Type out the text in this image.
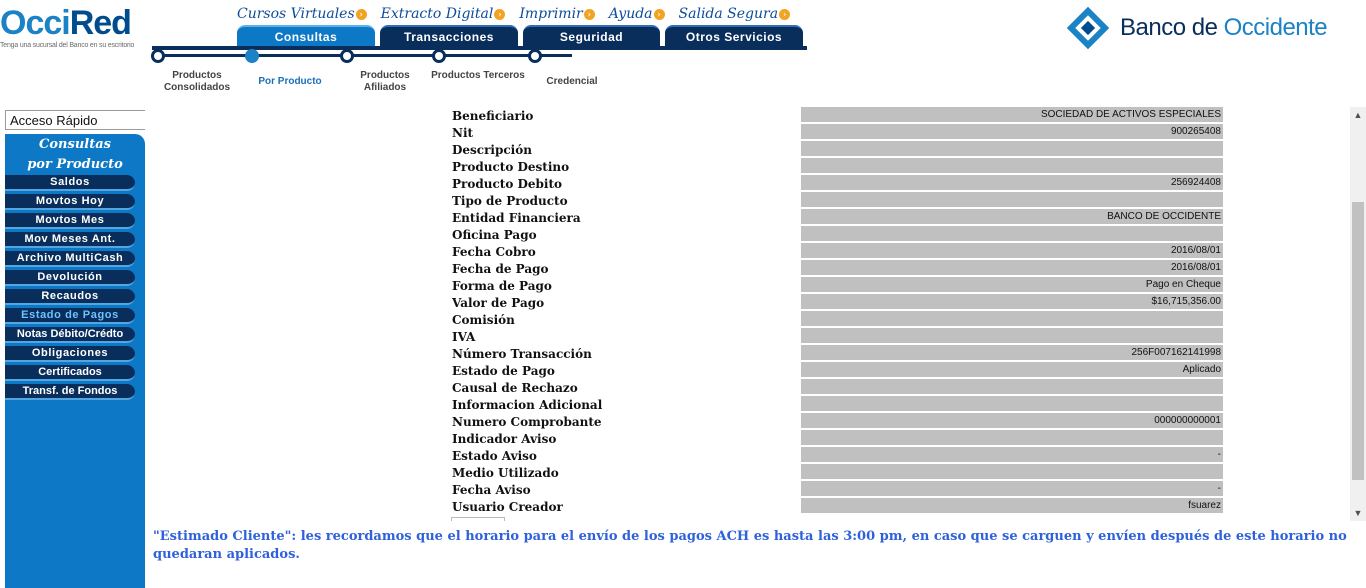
OcciRed
Tenga una sucursal del Banco en su escritorio
Cursos Virtuales › Extracto Digital › Imprimir › Ayuda › Salida Segura ›
Consultas	Transacciones	Seguridad	Otros Servicios
Productos
Consolidados
Por Producto
Productos
Afiliados
Productos Terceros
Credencial
Banco de Occidente
Acceso Rápido
Consultas
por Producto
Saldos
Movtos Hoy
Movtos Mes
Mov Meses Ant.
Archivo MultiCash
Devolución
Recaudos
Estado de Pagos
Notas Débito/Crédto
Obligaciones
Certificados
Transf. de Fondos
Usuario Creador	fsuarez
Fecha Aviso	-
Medio Utilizado
Estado Aviso	-
Indicador Aviso
Numero Comprobante	000000000001
Informacion Adicional
Causal de Rechazo
Estado de Pago	Aplicado
Número Transacción	256F007162141998
IVA
Comisión
Valor de Pago	$16,715,356.00
Forma de Pago	Pago en Cheque
Fecha de Pago	2016/08/01
Fecha Cobro	2016/08/01
Oficina Pago
Entidad Financiera	BANCO DE OCCIDENTE
Tipo de Producto
Producto Debito	256924408
Producto Destino
Descripción
Nit	900265408
Beneficiario	SOCIEDAD DE ACTIVOS ESPECIALES	▲
▼
"Estimado Cliente": les recordamos que el horario para el envío de los pagos ACH es hasta las 3:00 pm, en caso que se carguen y envíen después de este horario no quedaran aplicados.
